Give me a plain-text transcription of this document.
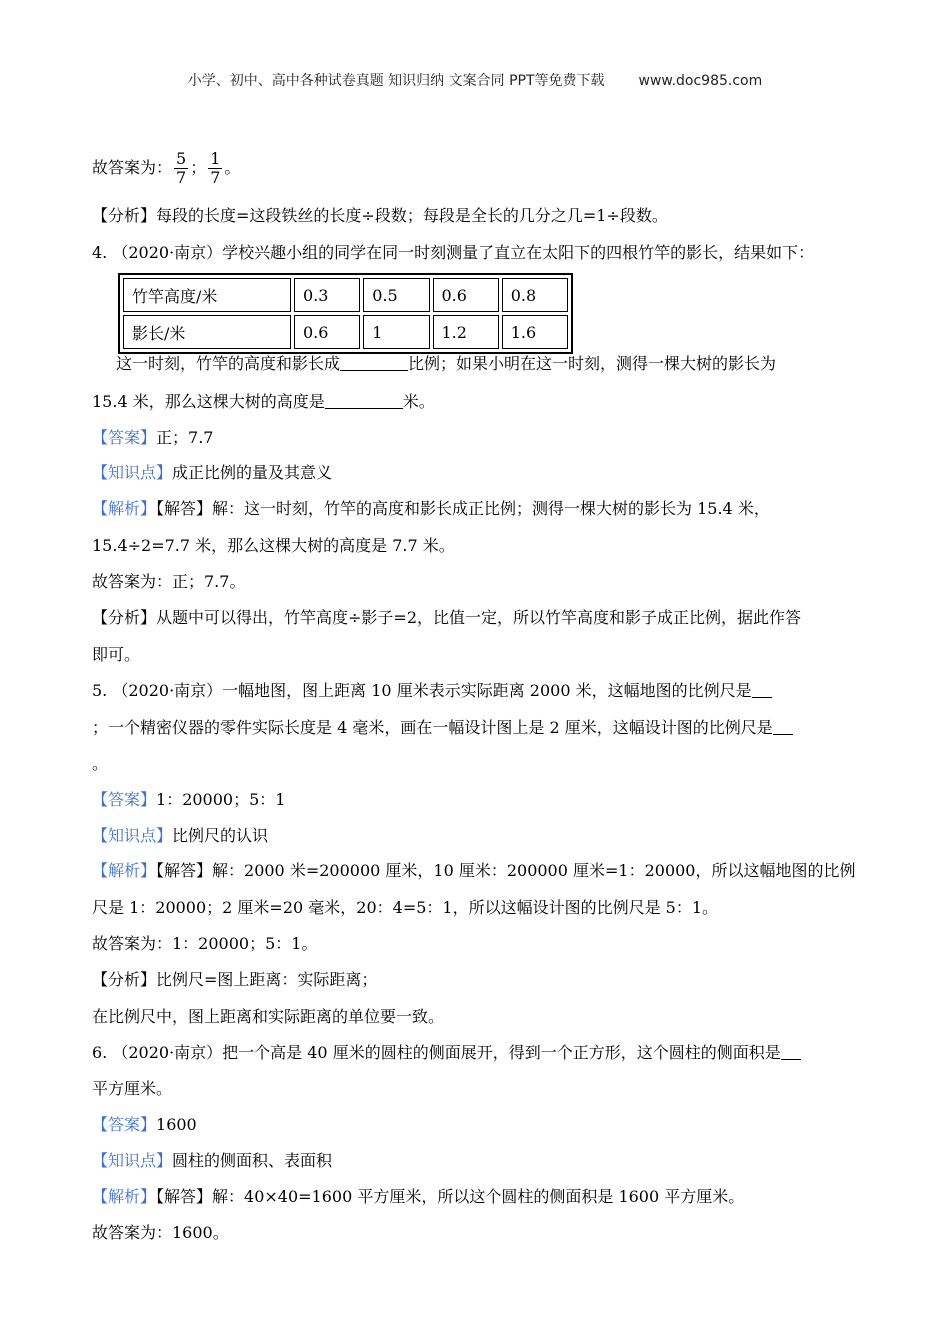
小学、初中、高中各种试卷真题 知识归纳 文案合同 PPT等免费下载 www.doc985.com
故答案为： $\frac{5}{7}$ ； $\frac{1}{7}$ 。
【分析】每段的长度=这段铁丝的长度÷段数；每段是全长的几分之几=1÷段数。
4. （2020·南京）学校兴趣小组的同学在同一时刻测量了直立在太阳下的四根竹竿的影长，结果如下：
竹竿高度/米	0.3	0.5	0.6	0.8
影长/米	0.6	1	1.2	1.6
这一时刻，竹竿的高度和影长成	比例；如果小明在这一时刻，测得一棵大树的影长为
15.4 米，那么这棵大树的高度是	米。
【答案】正；7.7
【知识点】成正比例的量及其意义
【解析】【解答】解：这一时刻，竹竿的高度和影长成正比例；测得一棵大树的影长为 15.4 米，
15.4÷2=7.7 米，那么这棵大树的高度是 7.7 米。
故答案为：正；7.7。
【分析】从题中可以得出，竹竿高度÷影子=2，比值一定，所以竹竿高度和影子成正比例，据此作答
即可。
5. （2020·南京）一幅地图，图上距离 10 厘米表示实际距离 2000 米，这幅地图的比例尺是
；一个精密仪器的零件实际长度是 4 毫米，画在一幅设计图上是 2 厘米，这幅设计图的比例尺是
。
【答案】1：20000；5：1
【知识点】比例尺的认识
【解析】【解答】解：2000 米=200000 厘米，10 厘米：200000 厘米=1：20000，所以这幅地图的比例
尺是 1：20000；2 厘米=20 毫米，20：4=5：1，所以这幅设计图的比例尺是 5：1。
故答案为：1：20000；5：1。
【分析】比例尺=图上距离：实际距离；
在比例尺中，图上距离和实际距离的单位要一致。
6. （2020·南京）把一个高是 40 厘米的圆柱的侧面展开，得到一个正方形，这个圆柱的侧面积是
平方厘米。
【答案】1600
【知识点】圆柱的侧面积、表面积
【解析】【解答】解：40×40=1600 平方厘米，所以这个圆柱的侧面积是 1600 平方厘米。
故答案为：1600。
